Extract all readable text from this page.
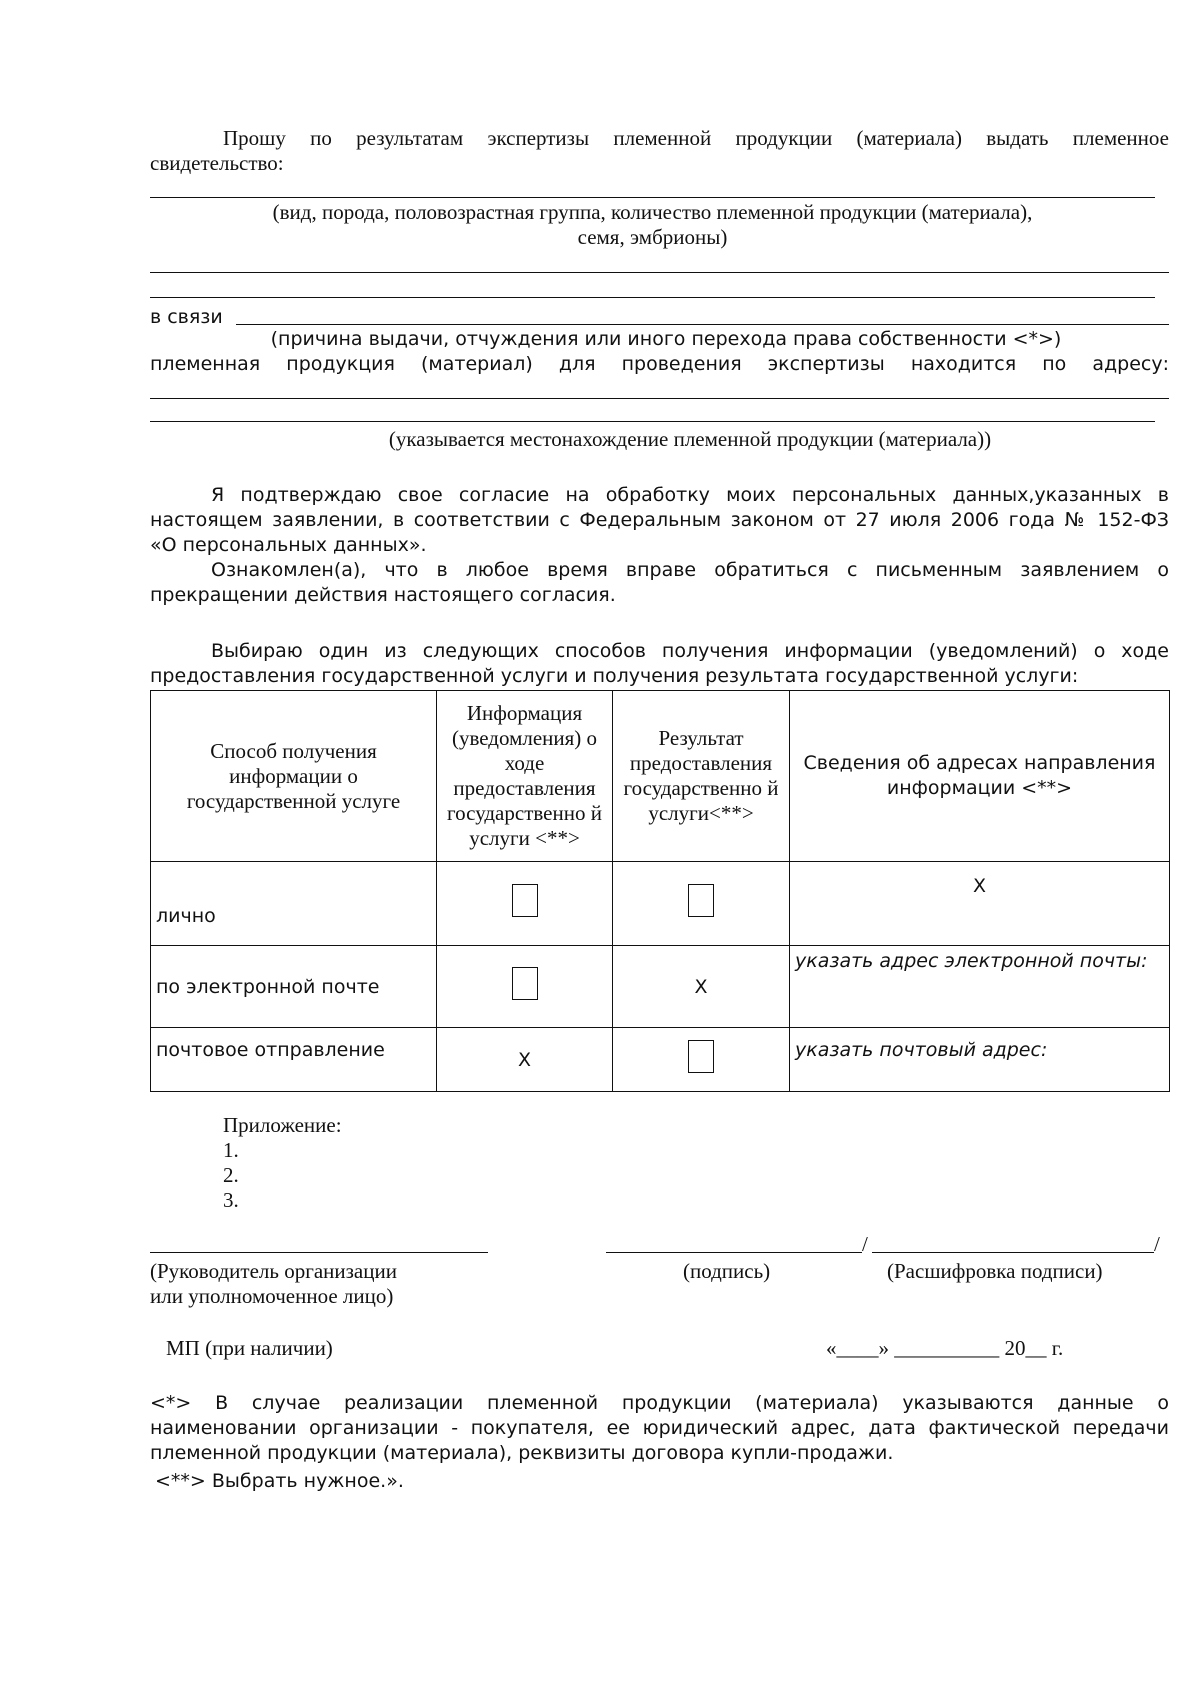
Прошу по результатам экспертизы племенной продукции (материала) выдать племенное
свидетельство:
(вид, порода, половозрастная группа, количество племенной продукции (материала),
семя, эмбрионы)
в связи
(причина выдачи, отчуждения или иного перехода права собственности <*>)
племенная продукция (материал) для проведения экспертизы находится по адресу:
(указывается местонахождение племенной продукции (материала))
Я подтверждаю свое согласие на обработку моих персональных данных,указанных в
настоящем заявлении, в соответствии с Федеральным законом от 27 июля 2006 года № 152-ФЗ
«О персональных данных».
Ознакомлен(а), что в любое время вправе обратиться с письменным заявлением о
прекращении действия настоящего согласия.
Выбираю один из следующих способов получения информации (уведомлений) о ходе
предоставления государственной услуги и получения результата государственной услуги:
Способ получения информации о государственной услуге	Информация (уведомления) о ходе предоставления государственно й услуги <**>	Результат предоставления государственно й услуги<**>	Сведения об адресах направления информации <**>
лично			X
по электронной почте		X	указать адрес электронной почты:
почтовое отправление	X		указать почтовый адрес:
Приложение:
1.
2.
3.
/	/
(Руководитель организации
или уполномоченное лицо)
(подпись)	(Расшифровка подписи)
МП (при наличии)	«____» __________ 20__ г.
<*> В случае реализации племенной продукции (материала) указываются данные о
наименовании организации - покупателя, ее юридический адрес, дата фактической передачи
племенной продукции (материала), реквизиты договора купли-продажи.
<**> Выбрать нужное.».
